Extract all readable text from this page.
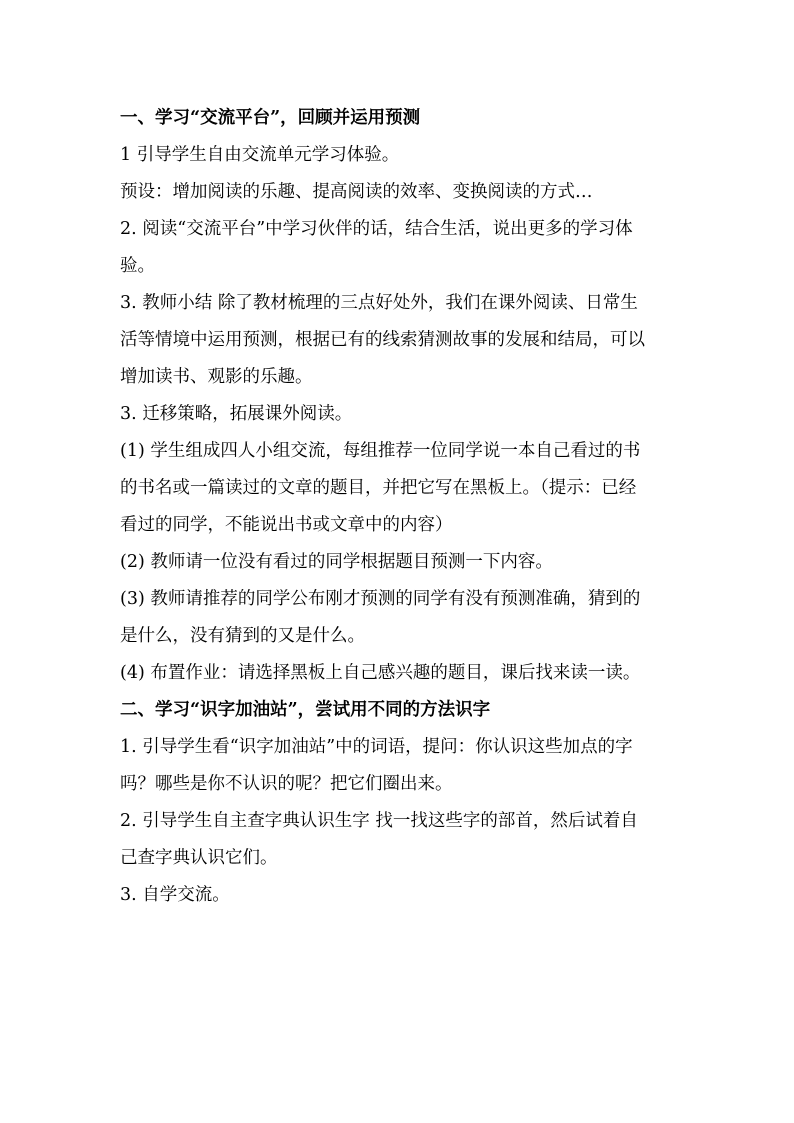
一、学习“交流平台”，回顾并运用预测
1 引导学生自由交流单元学习体验。
预设：增加阅读的乐趣、提高阅读的效率、变换阅读的方式…
2. 阅读“交流平台”中学习伙伴的话，结合生活，说出更多的学习体
验。
3. 教师小结 除了教材梳理的三点好处外，我们在课外阅读、日常生
活等情境中运用预测，根据已有的线索猜测故事的发展和结局，可以
增加读书、观影的乐趣。
3. 迁移策略，拓展课外阅读。
(1) 学生组成四人小组交流，每组推荐一位同学说一本自己看过的书
的书名或一篇读过的文章的题目，并把它写在黑板上。（提示：已经
看过的同学，不能说出书或文章中的内容）
(2) 教师请一位没有看过的同学根据题目预测一下内容。
(3) 教师请推荐的同学公布刚才预测的同学有没有预测准确，猜到的
是什么，没有猜到的又是什么。
(4) 布置作业：请选择黑板上自己感兴趣的题目，课后找来读一读。
二、学习“识字加油站”，尝试用不同的方法识字
1. 引导学生看“识字加油站”中的词语，提问：你认识这些加点的字
吗？哪些是你不认识的呢？把它们圈出来。
2. 引导学生自主查字典认识生字 找一找这些字的部首，然后试着自
己查字典认识它们。
3. 自学交流。
